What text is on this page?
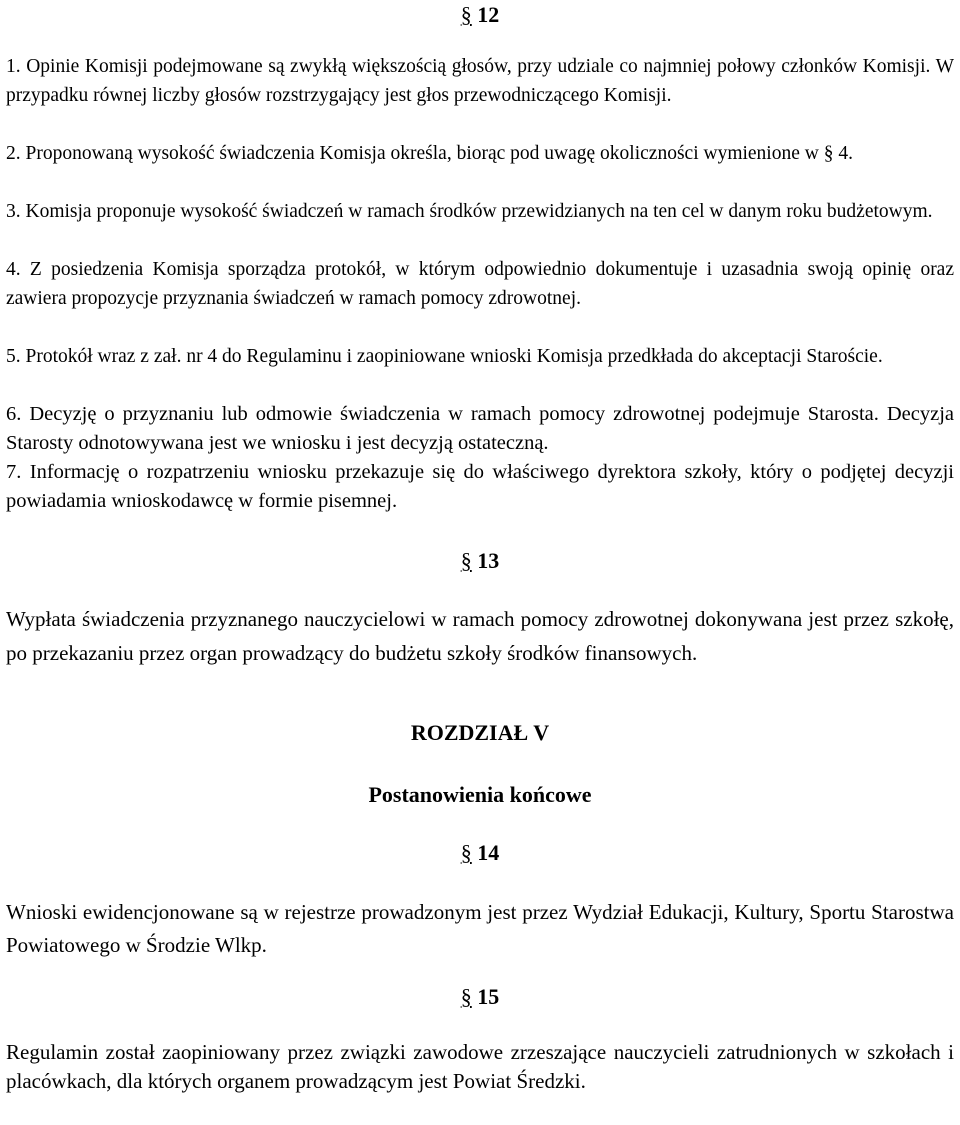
§ 12
1. Opinie Komisji podejmowane są zwykłą większością głosów, przy udziale co najmniej połowy członków Komisji. W przypadku równej liczby głosów rozstrzygający jest głos przewodniczącego Komisji.
2. Proponowaną wysokość świadczenia Komisja określa, biorąc pod uwagę okoliczności wymienione w § 4.
3. Komisja proponuje wysokość świadczeń w ramach środków przewidzianych na ten cel w danym roku budżetowym.
4. Z posiedzenia Komisja sporządza protokół, w którym odpowiednio dokumentuje i uzasadnia swoją opinię oraz zawiera propozycje przyznania świadczeń w ramach pomocy zdrowotnej.
5. Protokół wraz z zał. nr 4 do Regulaminu i zaopiniowane wnioski Komisja przedkłada do akceptacji Staroście.
6. Decyzję o przyznaniu lub odmowie świadczenia w ramach pomocy zdrowotnej podejmuje Starosta. Decyzja Starosty odnotowywana jest we wniosku i jest decyzją ostateczną.
7. Informację o rozpatrzeniu wniosku przekazuje się do właściwego dyrektora szkoły, który o podjętej decyzji powiadamia wnioskodawcę w formie pisemnej.
§ 13
Wypłata świadczenia przyznanego nauczycielowi w ramach pomocy zdrowotnej dokonywana jest przez szkołę, po przekazaniu przez organ prowadzący do budżetu szkoły środków finansowych.
ROZDZIAŁ V
Postanowienia końcowe
§ 14
Wnioski ewidencjonowane są w rejestrze prowadzonym jest przez Wydział Edukacji, Kultury, Sportu Starostwa Powiatowego w Środzie Wlkp.
§ 15
Regulamin został zaopiniowany przez związki zawodowe zrzeszające nauczycieli zatrudnionych w szkołach i placówkach, dla których organem prowadzącym jest Powiat Średzki.
